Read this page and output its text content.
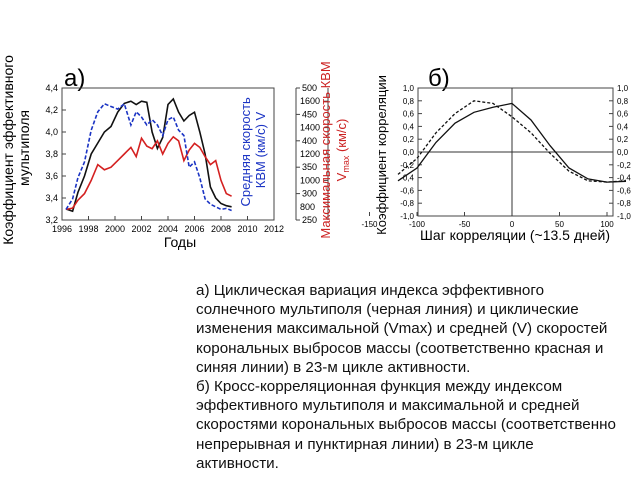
а)
Коэффициент эффективного мультиполя
3,2
3,4
3,6
3,8
4,0
4,2
4,4
1996 1998 2000 2002 2004 2006 2008 2010 2012
Годы
250
300
350
400
450
500
Средняя скорость КВМ (км/с) V
800
1000
1200
1400
1600
Максимальная скорость КВМ $V_{max}$ (км/с)
б)
Коэффициент корреляции -1,0
-0,8
-0,6
-0,4
-0,2
0,0
0,2
0,4
0,6
0,8
1,0
-1,0
-0,8
-0,6
-0,4
-0,2
0,0
0,2
0,4
0,6
0,8
1,0
-150	-100	-50	0	50	100
Шаг корреляции (~13.5 дней)

а) Циклическая вариация индекса эффективного солнечного мультиполя (черная линия) и циклические изменения максимальной (Vmax) и средней (V) скоростей корональных выбросов массы (соответственно красная и синяя линии) в 23-м цикле активности.

б) Кросс-корреляционная функция между индексом эффективного мультиполя и максимальной и средней скоростями корональных выбросов массы (соответственно непрерывная и пунктирная линии) в 23-м цикле активности.
